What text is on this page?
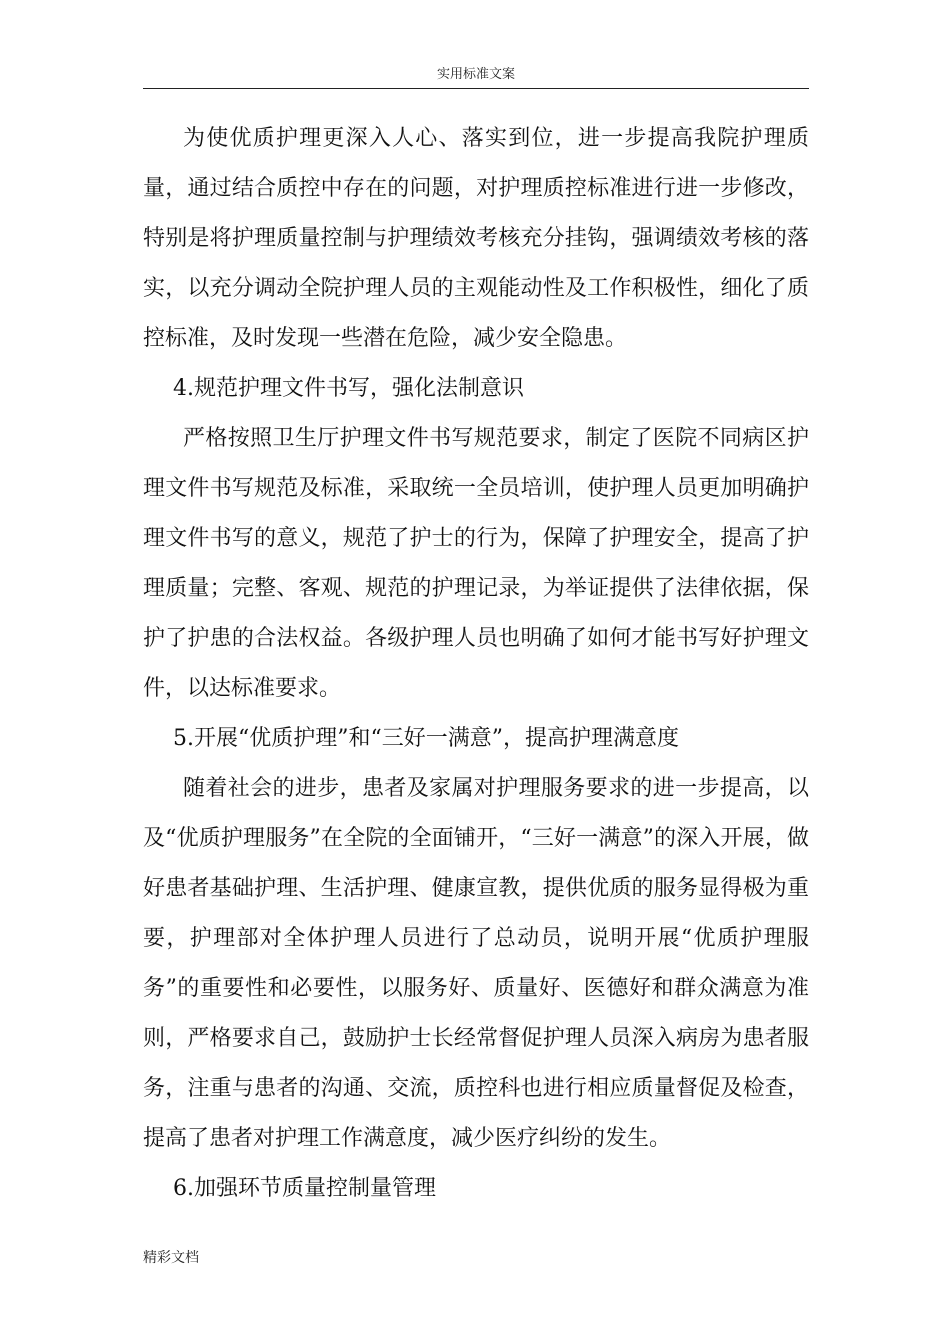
实用标准文案

为使优质护理更深入人心、落实到位，进一步提高我院护理质量，通过结合质控中存在的问题，对护理质控标准进行进一步修改，特别是将护理质量控制与护理绩效考核充分挂钩，强调绩效考核的落实，以充分调动全院护理人员的主观能动性及工作积极性，细化了质控标准，及时发现一些潜在危险，减少安全隐患。

4.规范护理文件书写，强化法制意识

严格按照卫生厅护理文件书写规范要求，制定了医院不同病区护理文件书写规范及标准，采取统一全员培训，使护理人员更加明确护理文件书写的意义，规范了护士的行为，保障了护理安全，提高了护理质量；完整、客观、规范的护理记录，为举证提供了法律依据，保护了护患的合法权益。各级护理人员也明确了如何才能书写好护理文件，以达标准要求。

5.开展“优质护理”和“三好一满意”，提高护理满意度

随着社会的进步，患者及家属对护理服务要求的进一步提高，以及“优质护理服务”在全院的全面铺开，“三好一满意”的深入开展，做好患者基础护理、生活护理、健康宣教，提供优质的服务显得极为重要，护理部对全体护理人员进行了总动员，说明开展“优质护理服务”的重要性和必要性，以服务好、质量好、医德好和群众满意为准则，严格要求自己，鼓励护士长经常督促护理人员深入病房为患者服务，注重与患者的沟通、交流，质控科也进行相应质量督促及检查，提高了患者对护理工作满意度，减少医疗纠纷的发生。

6.加强环节质量控制量管理

精彩文档
